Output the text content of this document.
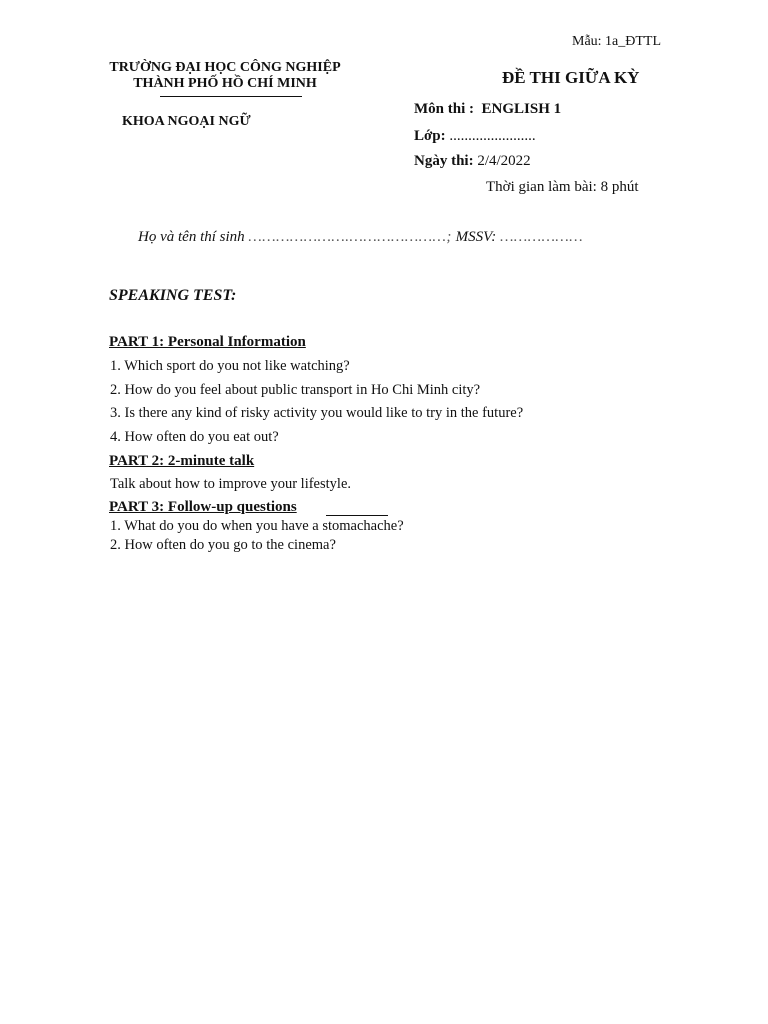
Mẫu: 1a_ĐTTL
TRƯỜNG ĐẠI HỌC CÔNG NGHIỆP
THÀNH PHỐ HỒ CHÍ MINH
KHOA NGOẠI NGỮ
ĐỀ THI GIỮA KỲ
Môn thi : ENGLISH 1
Lớp: .......................
Ngày thi: 2/4/2022
Thời gian làm bài: 8 phút
Họ và tên thí sinh ………………….…………………; MSSV: ………………
SPEAKING TEST:
PART 1: Personal Information
1. Which sport do you not like watching?
2. How do you feel about public transport in Ho Chi Minh city?
3. Is there any kind of risky activity you would like to try in the future?
4. How often do you eat out?
PART 2: 2-minute talk
Talk about how to improve your lifestyle.
PART 3: Follow-up questions
1. What do you do when you have a stomachache?
2. How often do you go to the cinema?
